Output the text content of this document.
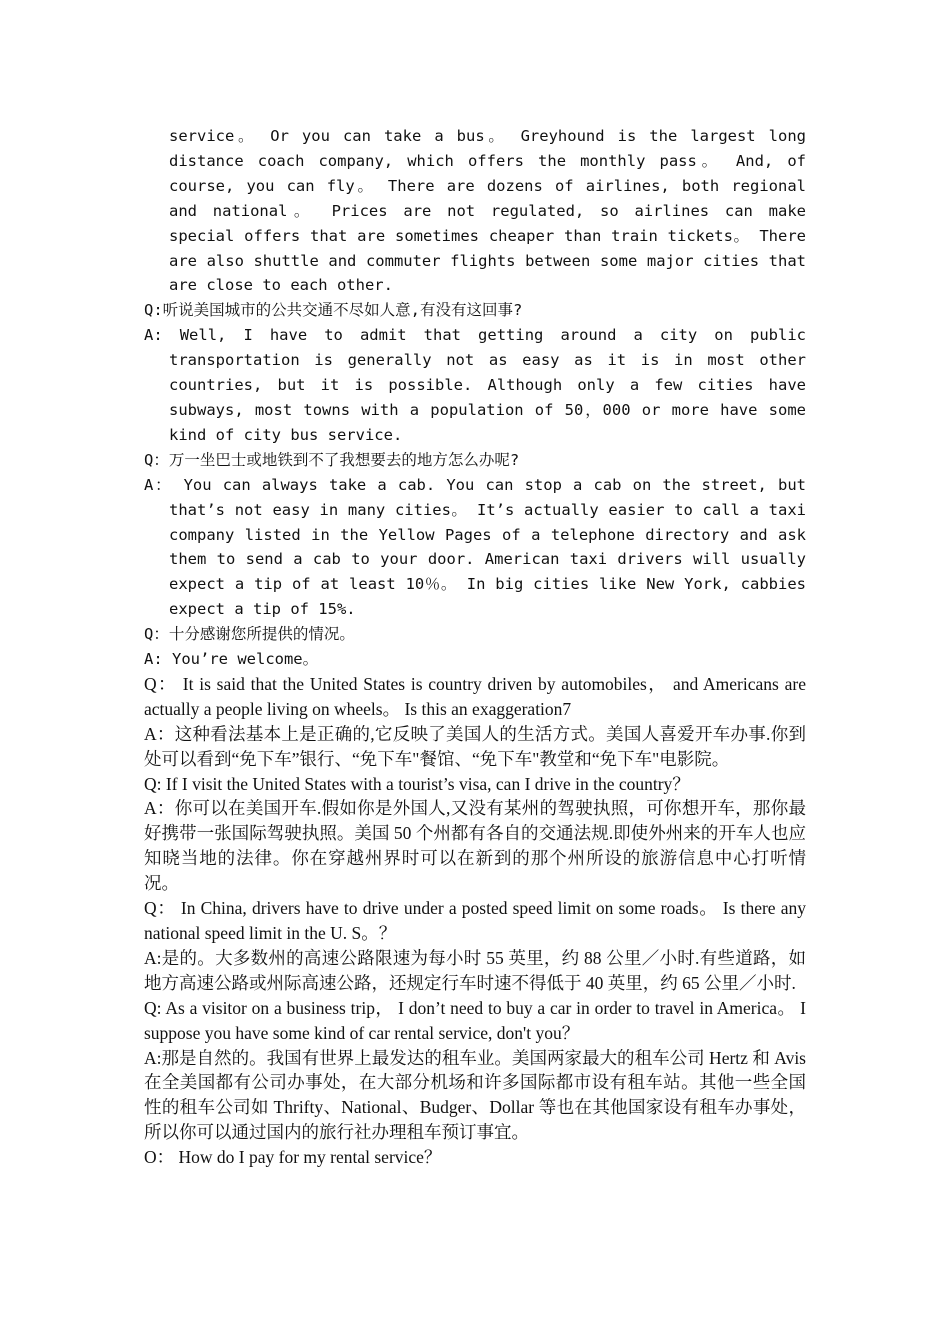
service。 Or you can take a bus。 Greyhound is the largest long distance coach company, which offers the monthly pass。 And, of course, you can fly。 There are dozens of airlines, both regional and national。 Prices are not regulated, so airlines can make special offers that are sometimes cheaper than train tickets。 There are also shuttle and commuter flights between some major cities that are close to each other.

Q:听说美国城市的公共交通不尽如人意,有没有这回事?

A: Well, I have to admit that getting around a city on public transportation is generally not as easy as it is in most other countries, but it is possible. Although only a few cities have subways, most towns with a population of 50，000 or more have some kind of city bus service.

Q：万一坐巴士或地铁到不了我想要去的地方怎么办呢?

A： You can always take a cab. You can stop a cab on the street, but that’s not easy in many cities。 It’s actually easier to call a taxi company listed in the Yellow Pages of a telephone directory and ask them to send a cab to your door. American taxi drivers will usually expect a tip of at least 10％。 In big cities like New York, cabbies expect a tip of 15%.

Q：十分感谢您所提供的情况。

A: You’re welcome。

Q： It is said that the United States is country driven by automobiles， and Americans are actually a people living on wheels。 Is this an exaggeration7

A：这种看法基本上是正确的,它反映了美国人的生活方式。美国人喜爱开车办事.你到处可以看到“免下车”银行、“免下车"餐馆、“免下车"教堂和“免下车"电影院。

Q: If I visit the United States with a tourist’s visa, can I drive in the country？

A：你可以在美国开车.假如你是外国人,又没有某州的驾驶执照，可你想开车，那你最好携带一张国际驾驶执照。美国 50 个州都有各自的交通法规.即使外州来的开车人也应知晓当地的法律。你在穿越州界时可以在新到的那个州所设的旅游信息中心打听情况。

Q： In China, drivers have to drive under a posted speed limit on some roads。 Is there any national speed limit in the U. S。？

A:是的。大多数州的高速公路限速为每小时 55 英里，约 88 公里／小时.有些道路，如地方高速公路或州际高速公路，还规定行车时速不得低于 40 英里，约 65 公里／小时.

Q: As a visitor on a business trip， I don’t need to buy a car in order to travel in America。 I suppose you have some kind of car rental service, don't you？

A:那是自然的。我国有世界上最发达的租车业。美国两家最大的租车公司 Hertz 和 Avis 在全美国都有公司办事处，在大部分机场和许多国际都市设有租车站。其他一些全国性的租车公司如 Thrifty、National、Budger、Dollar 等也在其他国家设有租车办事处，所以你可以通过国内的旅行社办理租车预订事宜。

O： How do I pay for my rental service？
